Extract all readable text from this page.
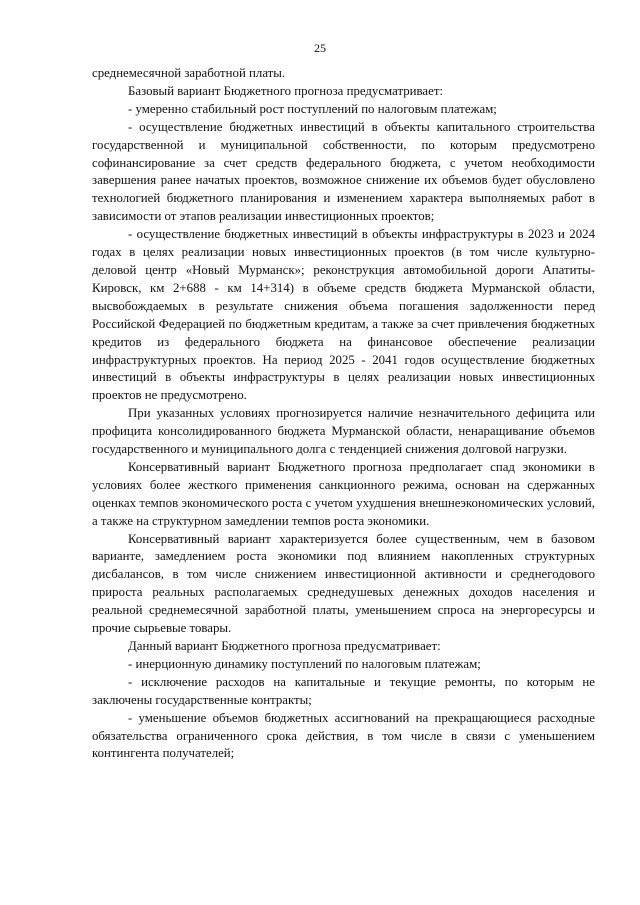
25

среднемесячной заработной платы.

Базовый вариант Бюджетного прогноза предусматривает:

- умеренно стабильный рост поступлений по налоговым платежам;

- осуществление бюджетных инвестиций в объекты капитального строительства государственной и муниципальной собственности, по которым предусмотрено софинансирование за счет средств федерального бюджета, с учетом необходимости завершения ранее начатых проектов, возможное снижение их объемов будет обусловлено технологией бюджетного планирования и изменением характера выполняемых работ в зависимости от этапов реализации инвестиционных проектов;

- осуществление бюджетных инвестиций в объекты инфраструктуры в 2023 и 2024 годах в целях реализации новых инвестиционных проектов (в том числе культурно-деловой центр «Новый Мурманск»; реконструкция автомобильной дороги Апатиты-Кировск, км 2+688 - км 14+314) в объеме средств бюджета Мурманской области, высвобождаемых в результате снижения объема погашения задолженности перед Российской Федерацией по бюджетным кредитам, а также за счет привлечения бюджетных кредитов из федерального бюджета на финансовое обеспечение реализации инфраструктурных проектов. На период 2025 - 2041 годов осуществление бюджетных инвестиций в объекты инфраструктуры в целях реализации новых инвестиционных проектов не предусмотрено.

При указанных условиях прогнозируется наличие незначительного дефицита или профицита консолидированного бюджета Мурманской области, ненаращивание объемов государственного и муниципального долга с тенденцией снижения долговой нагрузки.

Консервативный вариант Бюджетного прогноза предполагает спад экономики в условиях более жесткого применения санкционного режима, основан на сдержанных оценках темпов экономического роста с учетом ухудшения внешнеэкономических условий, а также на структурном замедлении темпов роста экономики.

Консервативный вариант характеризуется более существенным, чем в базовом варианте, замедлением роста экономики под влиянием накопленных структурных дисбалансов, в том числе снижением инвестиционной активности и среднегодового прироста реальных располагаемых среднедушевых денежных доходов населения и реальной среднемесячной заработной платы, уменьшением спроса на энергоресурсы и прочие сырьевые товары.

Данный вариант Бюджетного прогноза предусматривает:

- инерционную динамику поступлений по налоговым платежам;

- исключение расходов на капитальные и текущие ремонты, по которым не заключены государственные контракты;

- уменьшение объемов бюджетных ассигнований на прекращающиеся расходные обязательства ограниченного срока действия, в том числе в связи с уменьшением контингента получателей;
